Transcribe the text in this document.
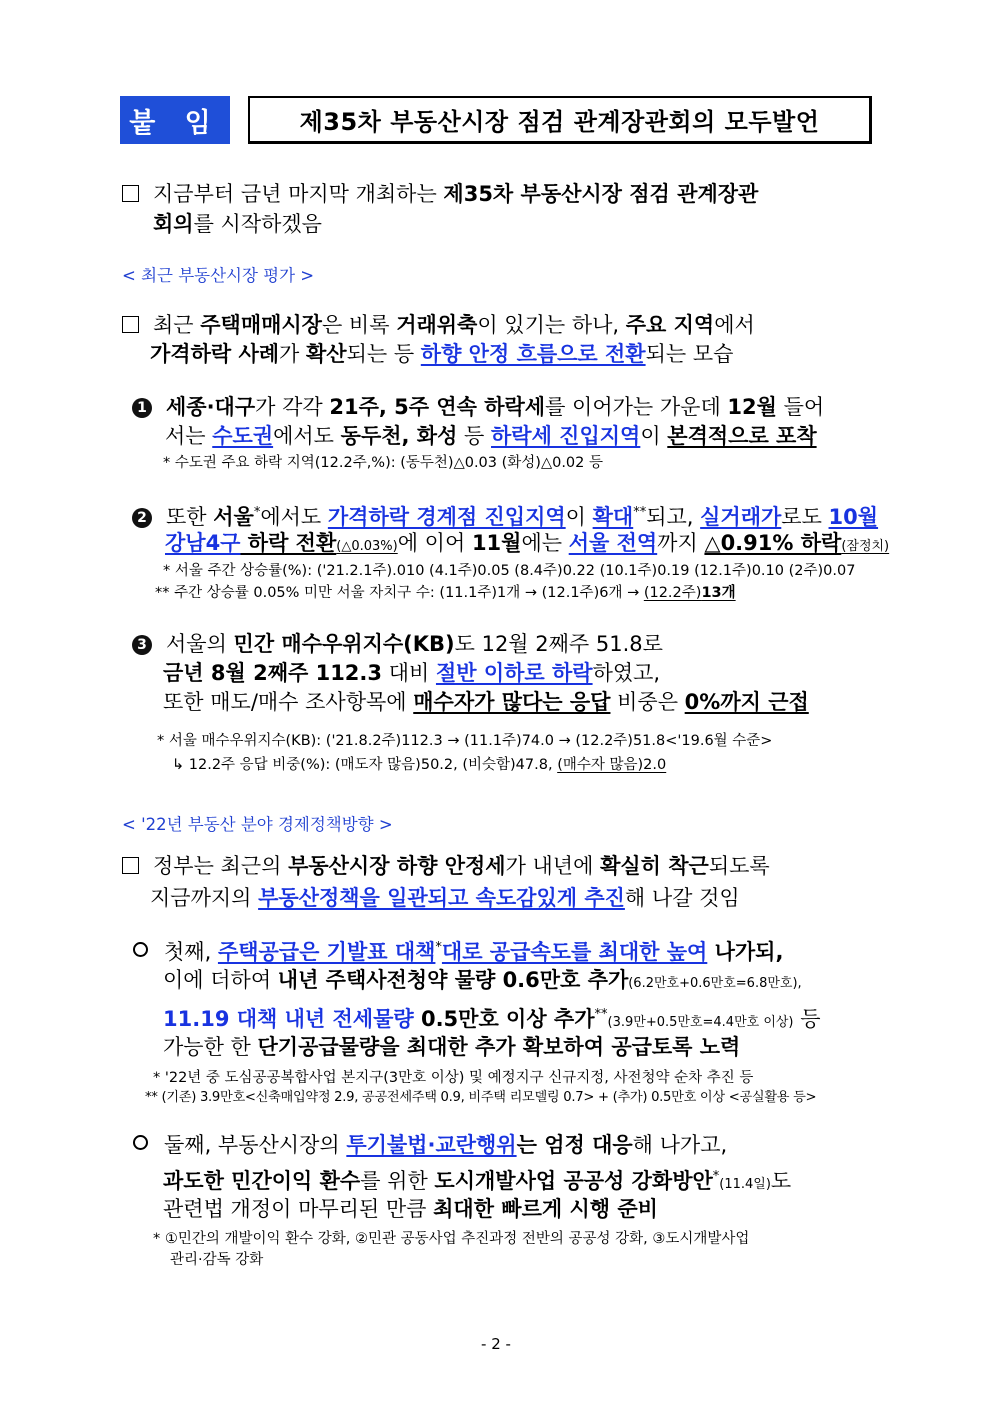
붙 임	제35차 부동산시장 점검 관계장관회의 모두발언
지금부터 금년 마지막 개최하는 제35차 부동산시장 점검 관계장관
회의를 시작하겠음
< 최근 부동산시장 평가 >
최근 주택매매시장은 비록 거래위축이 있기는 하나, 주요 지역에서
가격하락 사례가 확산되는 등 하향 안정 흐름으로 전환되는 모습
1 세종·대구가 각각 21주, 5주 연속 하락세를 이어가는 가운데 12월 들어
서는 수도권에서도 동두천, 화성 등 하락세 진입지역이 본격적으로 포착
* 수도권 주요 하락 지역(12.2주,%): (동두천)△0.03 (화성)△0.02 등
2 또한 서울*에서도 가격하락 경계점 진입지역이 확대**되고, 실거래가로도 10월
강남4구 하락 전환(△0.03%)에 이어 11월에는 서울 전역까지 △0.91% 하락(잠정치)
* 서울 주간 상승률(%): ('21.2.1주).010 (4.1주)0.05 (8.4주)0.22 (10.1주)0.19 (12.1주)0.10 (2주)0.07
** 주간 상승률 0.05% 미만 서울 자치구 수: (11.1주)1개 → (12.1주)6개 → (12.2주)13개
3 서울의 민간 매수우위지수(KB)도 12월 2째주 51.8로
금년 8월 2째주 112.3 대비 절반 이하로 하락하였고,
또한 매도/매수 조사항목에 매수자가 많다는 응답 비중은 0%까지 근접
* 서울 매수우위지수(KB): ('21.8.2주)112.3 → (11.1주)74.0 → (12.2주)51.8<'19.6월 수준>
↳ 12.2주 응답 비중(%): (매도자 많음)50.2, (비슷함)47.8, (매수자 많음)2.0
< '22년 부동산 분야 경제정책방향 >
정부는 최근의 부동산시장 하향 안정세가 내년에 확실히 착근되도록
지금까지의 부동산정책을 일관되고 속도감있게 추진해 나갈 것임
첫째, 주택공급은 기발표 대책*대로 공급속도를 최대한 높여 나가되,
이에 더하여 내년 주택사전청약 물량 0.6만호 추가(6.2만호+0.6만호=6.8만호),
11.19 대책 내년 전세물량 0.5만호 이상 추가**(3.9만+0.5만호=4.4만호 이상) 등
가능한 한 단기공급물량을 최대한 추가 확보하여 공급토록 노력
* '22년 중 도심공공복합사업 본지구(3만호 이상) 및 예정지구 신규지정, 사전청약 순차 추진 등
** (기존) 3.9만호<신축매입약정 2.9, 공공전세주택 0.9, 비주택 리모델링 0.7> + (추가) 0.5만호 이상 <공실활용 등>
둘째, 부동산시장의 투기불법·교란행위는 엄정 대응해 나가고,
과도한 민간이익 환수를 위한 도시개발사업 공공성 강화방안*(11.4일)도
관련법 개정이 마무리된 만큼 최대한 빠르게 시행 준비
* ①민간의 개발이익 환수 강화, ②민관 공동사업 추진과정 전반의 공공성 강화, ③도시개발사업
관리·감독 강화
- 2 -
